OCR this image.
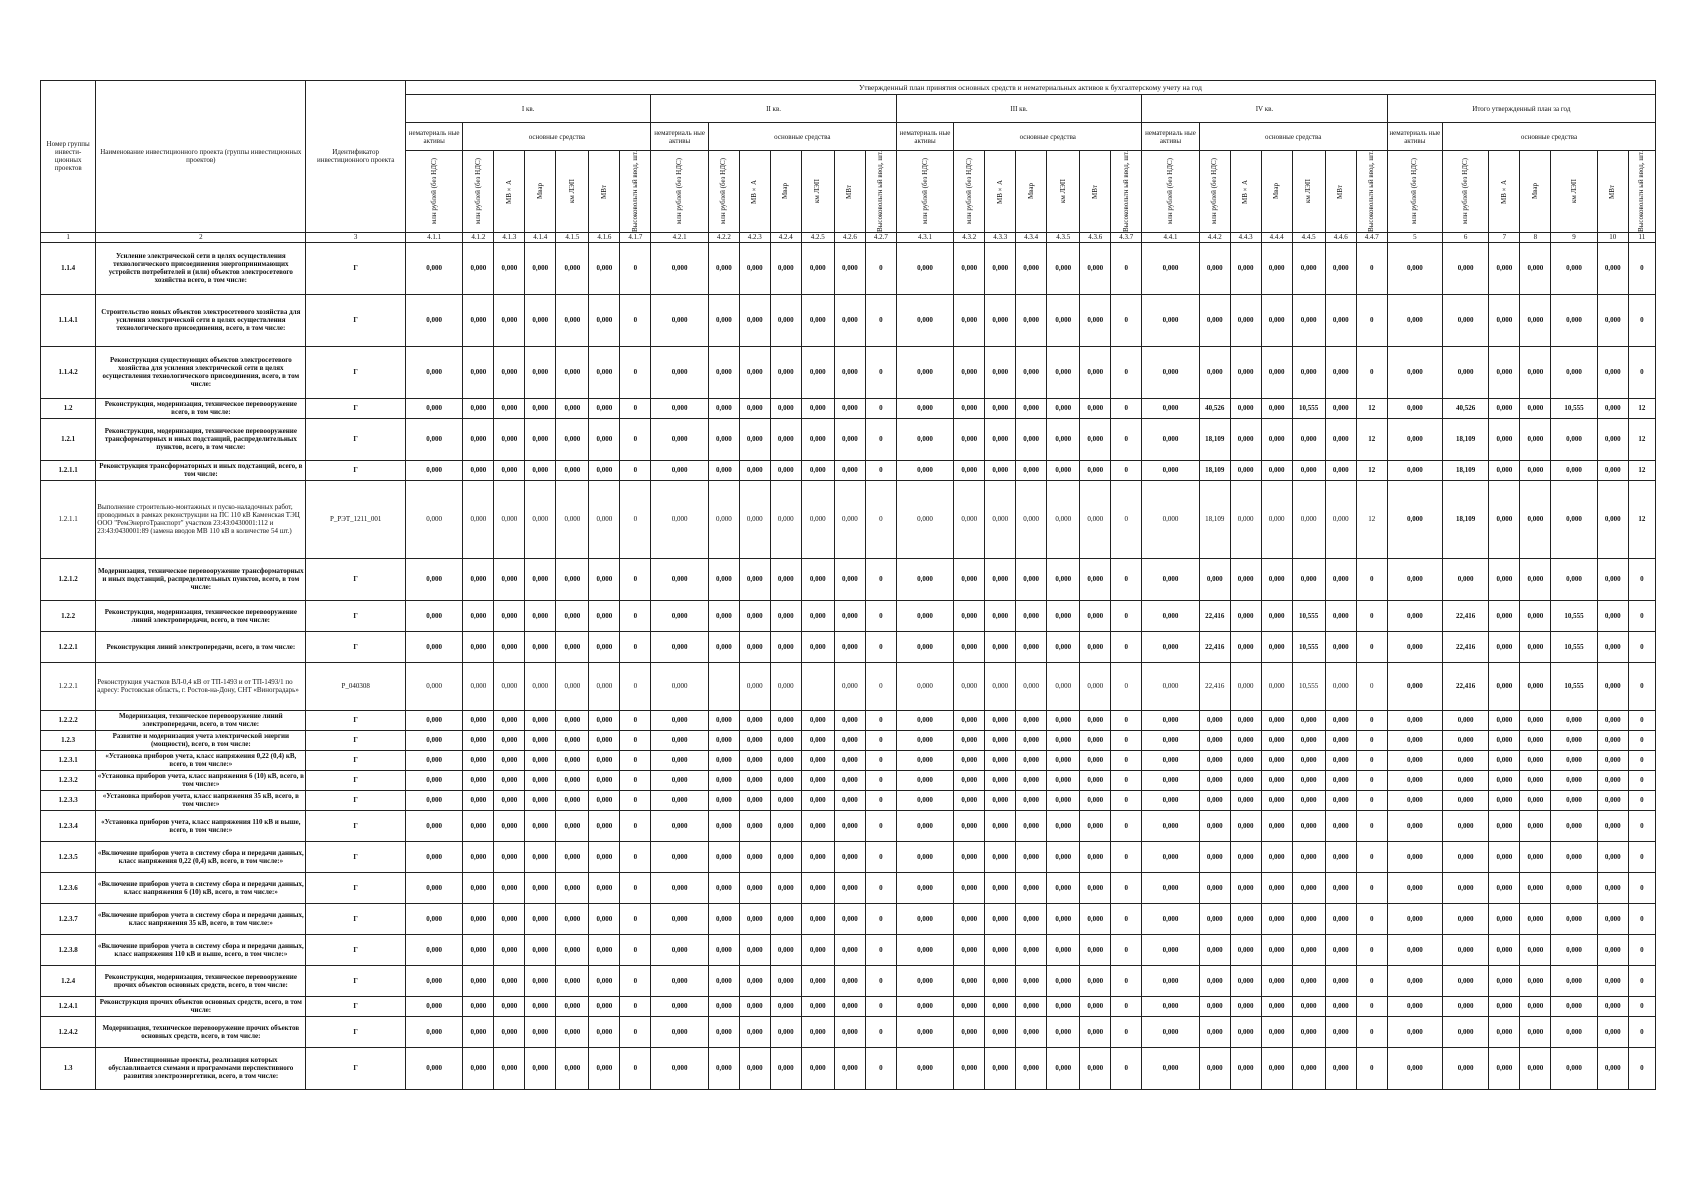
Номер группы инвести-ционных проектов	Наименование инвестиционного проекта (группы инвестиционных проектов)	Идентификатор инвестиционного проекта	Утвержденный план принятия основных средств и нематериальных активов к бухгалтерскому учету на год																																		
			I кв.							II кв.							III кв.							IV кв.							Итого утвержденный план за год						
			нематериаль ные активы	основные средства						нематериаль ные активы	основные средства						нематериаль ные активы	основные средства						нематериаль ные активы	основные средства						нематериаль ные активы	основные средства					

			млн рублей (без НДС)	млн рублей (без НДС)	МВ×А	Мвар	км ЛЭП	МВт	Высоковольтн ый ввод, шт.	млн рублей (без НДС)	млн рублей (без НДС)	МВ×А	Мвар	км ЛЭП	МВт	Высоковольтн ый ввод, шт.	млн рублей (без НДС)	млн рублей (без НДС)	МВ×А	Мвар	км ЛЭП	МВт	Высоковольтн ый ввод, шт.	млн рублей (без НДС)	млн рублей (без НДС)	МВ×А	Мвар	км ЛЭП	МВт	Высоковольтн ый ввод, шт.	млн рублей (без НДС)	млн рублей (без НДС)	МВ×А	Мвар	км ЛЭП	МВт	Высоковольтн ый ввод, шт.

1	2	3	4.1.1	4.1.2	4.1.3	4.1.4	4.1.5	4.1.6	4.1.7	4.2.1	4.2.2	4.2.3	4.2.4	4.2.5	4.2.6	4.2.7	4.3.1	4.3.2	4.3.3	4.3.4	4.3.5	4.3.6	4.3.7	4.4.1	4.4.2	4.4.3	4.4.4	4.4.5	4.4.6	4.4.7	5	6	7	8	9	10	11
1.1.4	Усиление электрической сети в целях осуществления технологического присоединения энергопринимающих устройств потребителей и (или) объектов электросетевого хозяйства всего, в том числе:	Г	0,000	0,000	0,000	0,000	0,000	0,000	0	0,000	0,000	0,000	0,000	0,000	0,000	0	0,000	0,000	0,000	0,000	0,000	0,000	0	0,000	0,000	0,000	0,000	0,000	0,000	0	0,000	0,000	0,000	0,000	0,000	0,000	0
1.1.4.1	Строительство новых объектов электросетевого хозяйства для усиления электрической сети в целях осуществления технологического присоединения, всего, в том числе:	Г	0,000	0,000	0,000	0,000	0,000	0,000	0	0,000	0,000	0,000	0,000	0,000	0,000	0	0,000	0,000	0,000	0,000	0,000	0,000	0	0,000	0,000	0,000	0,000	0,000	0,000	0	0,000	0,000	0,000	0,000	0,000	0,000	0
1.1.4.2	Реконструкция существующих объектов электросетевого хозяйства для усиления электрической сети в целях осуществления технологического присоединения, всего, в том числе:	Г	0,000	0,000	0,000	0,000	0,000	0,000	0	0,000	0,000	0,000	0,000	0,000	0,000	0	0,000	0,000	0,000	0,000	0,000	0,000	0	0,000	0,000	0,000	0,000	0,000	0,000	0	0,000	0,000	0,000	0,000	0,000	0,000	0
1.2	Реконструкция, модернизация, техническое перевооружение всего, в том числе:	Г	0,000	0,000	0,000	0,000	0,000	0,000	0	0,000	0,000	0,000	0,000	0,000	0,000	0	0,000	0,000	0,000	0,000	0,000	0,000	0	0,000	40,526	0,000	0,000	10,555	0,000	12	0,000	40,526	0,000	0,000	10,555	0,000	12
1.2.1	Реконструкция, модернизация, техническое перевооружение трансформаторных и иных подстанций, распределительных пунктов, всего, в том числе:	Г	0,000	0,000	0,000	0,000	0,000	0,000	0	0,000	0,000	0,000	0,000	0,000	0,000	0	0,000	0,000	0,000	0,000	0,000	0,000	0	0,000	18,109	0,000	0,000	0,000	0,000	12	0,000	18,109	0,000	0,000	0,000	0,000	12
1.2.1.1	Реконструкция трансформаторных и иных подстанций, всего, в том числе:	Г	0,000	0,000	0,000	0,000	0,000	0,000	0	0,000	0,000	0,000	0,000	0,000	0,000	0	0,000	0,000	0,000	0,000	0,000	0,000	0	0,000	18,109	0,000	0,000	0,000	0,000	12	0,000	18,109	0,000	0,000	0,000	0,000	12
1.2.1.1	Выполнение строительно-монтажных и пуско-наладочных работ, проводимых в рамках реконструкции на ПС 110 кВ Каменская ТЭЦ ООО "РемЭнергоТранспорт" участков 23:43:0430001:112 и 23:43:0430001:89 (замена вводов МВ 110 кВ в количестве 54 шт.)	P_РЭТ_1211_001	0,000	0,000	0,000	0,000	0,000	0,000	0	0,000	0,000	0,000	0,000	0,000	0,000	0	0,000	0,000	0,000	0,000	0,000	0,000	0	0,000	18,109	0,000	0,000	0,000	0,000	12	0,000	18,109	0,000	0,000	0,000	0,000	12
1.2.1.2	Модернизация, техническое перевооружение трансформаторных и иных подстанций, распределительных пунктов, всего, в том числе:	Г	0,000	0,000	0,000	0,000	0,000	0,000	0	0,000	0,000	0,000	0,000	0,000	0,000	0	0,000	0,000	0,000	0,000	0,000	0,000	0	0,000	0,000	0,000	0,000	0,000	0,000	0	0,000	0,000	0,000	0,000	0,000	0,000	0
1.2.2	Реконструкция, модернизация, техническое перевооружение линий электропередачи, всего, в том числе:	Г	0,000	0,000	0,000	0,000	0,000	0,000	0	0,000	0,000	0,000	0,000	0,000	0,000	0	0,000	0,000	0,000	0,000	0,000	0,000	0	0,000	22,416	0,000	0,000	10,555	0,000	0	0,000	22,416	0,000	0,000	10,555	0,000	0
1.2.2.1	Реконструкция линий электропередачи, всего, в том числе:	Г	0,000	0,000	0,000	0,000	0,000	0,000	0	0,000	0,000	0,000	0,000	0,000	0,000	0	0,000	0,000	0,000	0,000	0,000	0,000	0	0,000	22,416	0,000	0,000	10,555	0,000	0	0,000	22,416	0,000	0,000	10,555	0,000	0
1.2.2.1	Реконструкция участков ВЛ-0,4 кВ от ТП-1493 и от ТП-1493/1 по адресу: Ростовская область, г. Ростов-на-Дону, СНТ «Виноградарь»	P_040308	0,000	0,000	0,000	0,000	0,000	0,000	0	0,000		0,000	0,000		0,000	0	0,000	0,000	0,000	0,000	0,000	0,000	0	0,000	22,416	0,000	0,000	10,555	0,000	0	0,000	22,416	0,000	0,000	10,555	0,000	0
1.2.2.2	Модернизация, техническое перевооружение линий электропередачи, всего, в том числе:	Г	0,000	0,000	0,000	0,000	0,000	0,000	0	0,000	0,000	0,000	0,000	0,000	0,000	0	0,000	0,000	0,000	0,000	0,000	0,000	0	0,000	0,000	0,000	0,000	0,000	0,000	0	0,000	0,000	0,000	0,000	0,000	0,000	0
1.2.3	Развитие и модернизация учета электрической энергии (мощности), всего, в том числе:	Г	0,000	0,000	0,000	0,000	0,000	0,000	0	0,000	0,000	0,000	0,000	0,000	0,000	0	0,000	0,000	0,000	0,000	0,000	0,000	0	0,000	0,000	0,000	0,000	0,000	0,000	0	0,000	0,000	0,000	0,000	0,000	0,000	0
1.2.3.1	«Установка приборов учета, класс напряжения 0,22 (0,4) кВ, всего, в том числе:»	Г	0,000	0,000	0,000	0,000	0,000	0,000	0	0,000	0,000	0,000	0,000	0,000	0,000	0	0,000	0,000	0,000	0,000	0,000	0,000	0	0,000	0,000	0,000	0,000	0,000	0,000	0	0,000	0,000	0,000	0,000	0,000	0,000	0
1.2.3.2	«Установка приборов учета, класс напряжения 6 (10) кВ, всего, в том числе:»	Г	0,000	0,000	0,000	0,000	0,000	0,000	0	0,000	0,000	0,000	0,000	0,000	0,000	0	0,000	0,000	0,000	0,000	0,000	0,000	0	0,000	0,000	0,000	0,000	0,000	0,000	0	0,000	0,000	0,000	0,000	0,000	0,000	0
1.2.3.3	«Установка приборов учета, класс напряжения 35 кВ, всего, в том числе:»	Г	0,000	0,000	0,000	0,000	0,000	0,000	0	0,000	0,000	0,000	0,000	0,000	0,000	0	0,000	0,000	0,000	0,000	0,000	0,000	0	0,000	0,000	0,000	0,000	0,000	0,000	0	0,000	0,000	0,000	0,000	0,000	0,000	0
1.2.3.4	«Установка приборов учета, класс напряжения 110 кВ и выше, всего, в том числе:»	Г	0,000	0,000	0,000	0,000	0,000	0,000	0	0,000	0,000	0,000	0,000	0,000	0,000	0	0,000	0,000	0,000	0,000	0,000	0,000	0	0,000	0,000	0,000	0,000	0,000	0,000	0	0,000	0,000	0,000	0,000	0,000	0,000	0
1.2.3.5	«Включение приборов учета в систему сбора и передачи данных, класс напряжения 0,22 (0,4) кВ, всего, в том числе:»	Г	0,000	0,000	0,000	0,000	0,000	0,000	0	0,000	0,000	0,000	0,000	0,000	0,000	0	0,000	0,000	0,000	0,000	0,000	0,000	0	0,000	0,000	0,000	0,000	0,000	0,000	0	0,000	0,000	0,000	0,000	0,000	0,000	0
1.2.3.6	«Включение приборов учета в систему сбора и передачи данных, класс напряжения 6 (10) кВ, всего, в том числе:»	Г	0,000	0,000	0,000	0,000	0,000	0,000	0	0,000	0,000	0,000	0,000	0,000	0,000	0	0,000	0,000	0,000	0,000	0,000	0,000	0	0,000	0,000	0,000	0,000	0,000	0,000	0	0,000	0,000	0,000	0,000	0,000	0,000	0
1.2.3.7	«Включение приборов учета в систему сбора и передачи данных, класс напряжения 35 кВ, всего, в том числе:»	Г	0,000	0,000	0,000	0,000	0,000	0,000	0	0,000	0,000	0,000	0,000	0,000	0,000	0	0,000	0,000	0,000	0,000	0,000	0,000	0	0,000	0,000	0,000	0,000	0,000	0,000	0	0,000	0,000	0,000	0,000	0,000	0,000	0
1.2.3.8	«Включение приборов учета в систему сбора и передачи данных, класс напряжения 110 кВ и выше, всего, в том числе:»	Г	0,000	0,000	0,000	0,000	0,000	0,000	0	0,000	0,000	0,000	0,000	0,000	0,000	0	0,000	0,000	0,000	0,000	0,000	0,000	0	0,000	0,000	0,000	0,000	0,000	0,000	0	0,000	0,000	0,000	0,000	0,000	0,000	0
1.2.4	Реконструкция, модернизация, техническое перевооружение прочих объектов основных средств, всего, в том числе:	Г	0,000	0,000	0,000	0,000	0,000	0,000	0	0,000	0,000	0,000	0,000	0,000	0,000	0	0,000	0,000	0,000	0,000	0,000	0,000	0	0,000	0,000	0,000	0,000	0,000	0,000	0	0,000	0,000	0,000	0,000	0,000	0,000	0
1.2.4.1	Реконструкция прочих объектов основных средств, всего, в том числе:	Г	0,000	0,000	0,000	0,000	0,000	0,000	0	0,000	0,000	0,000	0,000	0,000	0,000	0	0,000	0,000	0,000	0,000	0,000	0,000	0	0,000	0,000	0,000	0,000	0,000	0,000	0	0,000	0,000	0,000	0,000	0,000	0,000	0
1.2.4.2	Модернизация, техническое перевооружение прочих объектов основных средств, всего, в том числе:	Г	0,000	0,000	0,000	0,000	0,000	0,000	0	0,000	0,000	0,000	0,000	0,000	0,000	0	0,000	0,000	0,000	0,000	0,000	0,000	0	0,000	0,000	0,000	0,000	0,000	0,000	0	0,000	0,000	0,000	0,000	0,000	0,000	0
1.3	Инвестиционные проекты, реализация которых обуславливается схемами и программами перспективного развития электроэнергетики, всего, в том числе:	Г	0,000	0,000	0,000	0,000	0,000	0,000	0	0,000	0,000	0,000	0,000	0,000	0,000	0	0,000	0,000	0,000	0,000	0,000	0,000	0	0,000	0,000	0,000	0,000	0,000	0,000	0	0,000	0,000	0,000	0,000	0,000	0,000	0
